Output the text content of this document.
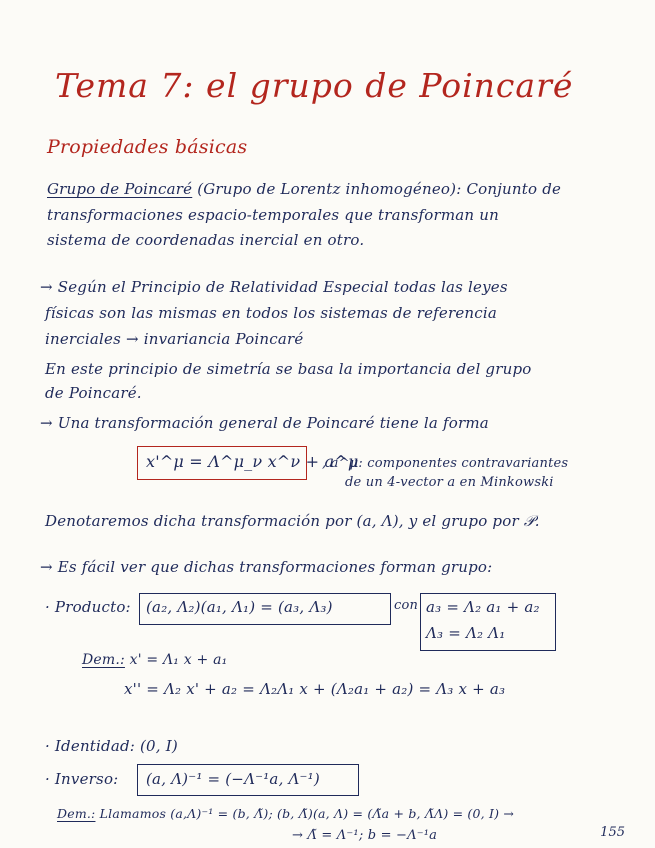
Tema 7: el grupo de Poincaré
Propiedades básicas
Grupo de Poincaré (Grupo de Lorentz inhomogéneo): Conjunto de
transformaciones espacio-temporales que transforman un
sistema de coordenadas inercial en otro.
→ Según el Principio de Relatividad Especial todas las leyes
físicas son las mismas en todos los sistemas de referencia
inerciales → invariancia Poincaré
En este principio de simetría se basa la importancia del grupo
de Poincaré.
→ Una transformación general de Poincaré tiene la forma
x'^μ = Λ^μ_ν x^ν + a^μ
, a^μ: componentes contravariantes
de un 4-vector a en Minkowski
Denotaremos dicha transformación por (a, Λ), y el grupo por 𝒫.
→ Es fácil ver que dichas transformaciones forman grupo:
· Producto: (a₂, Λ₂)(a₁, Λ₁) = (a₃, Λ₃)	con a₃ = Λ₂ a₁ + a₂
Λ₃ = Λ₂ Λ₁
Dem.: x' = Λ₁ x + a₁
x'' = Λ₂ x' + a₂ = Λ₂Λ₁ x + (Λ₂a₁ + a₂) = Λ₃ x + a₃
· Identidad: (0, I)
· Inverso: (a, Λ)⁻¹ = (−Λ⁻¹a, Λ⁻¹)
Dem.: Llamamos (a,Λ)⁻¹ = (b, Λ̃); (b, Λ̃)(a, Λ) = (Λ̃a + b, Λ̃Λ) = (0, I) →
→ Λ̃ = Λ⁻¹; b = −Λ⁻¹a	155
